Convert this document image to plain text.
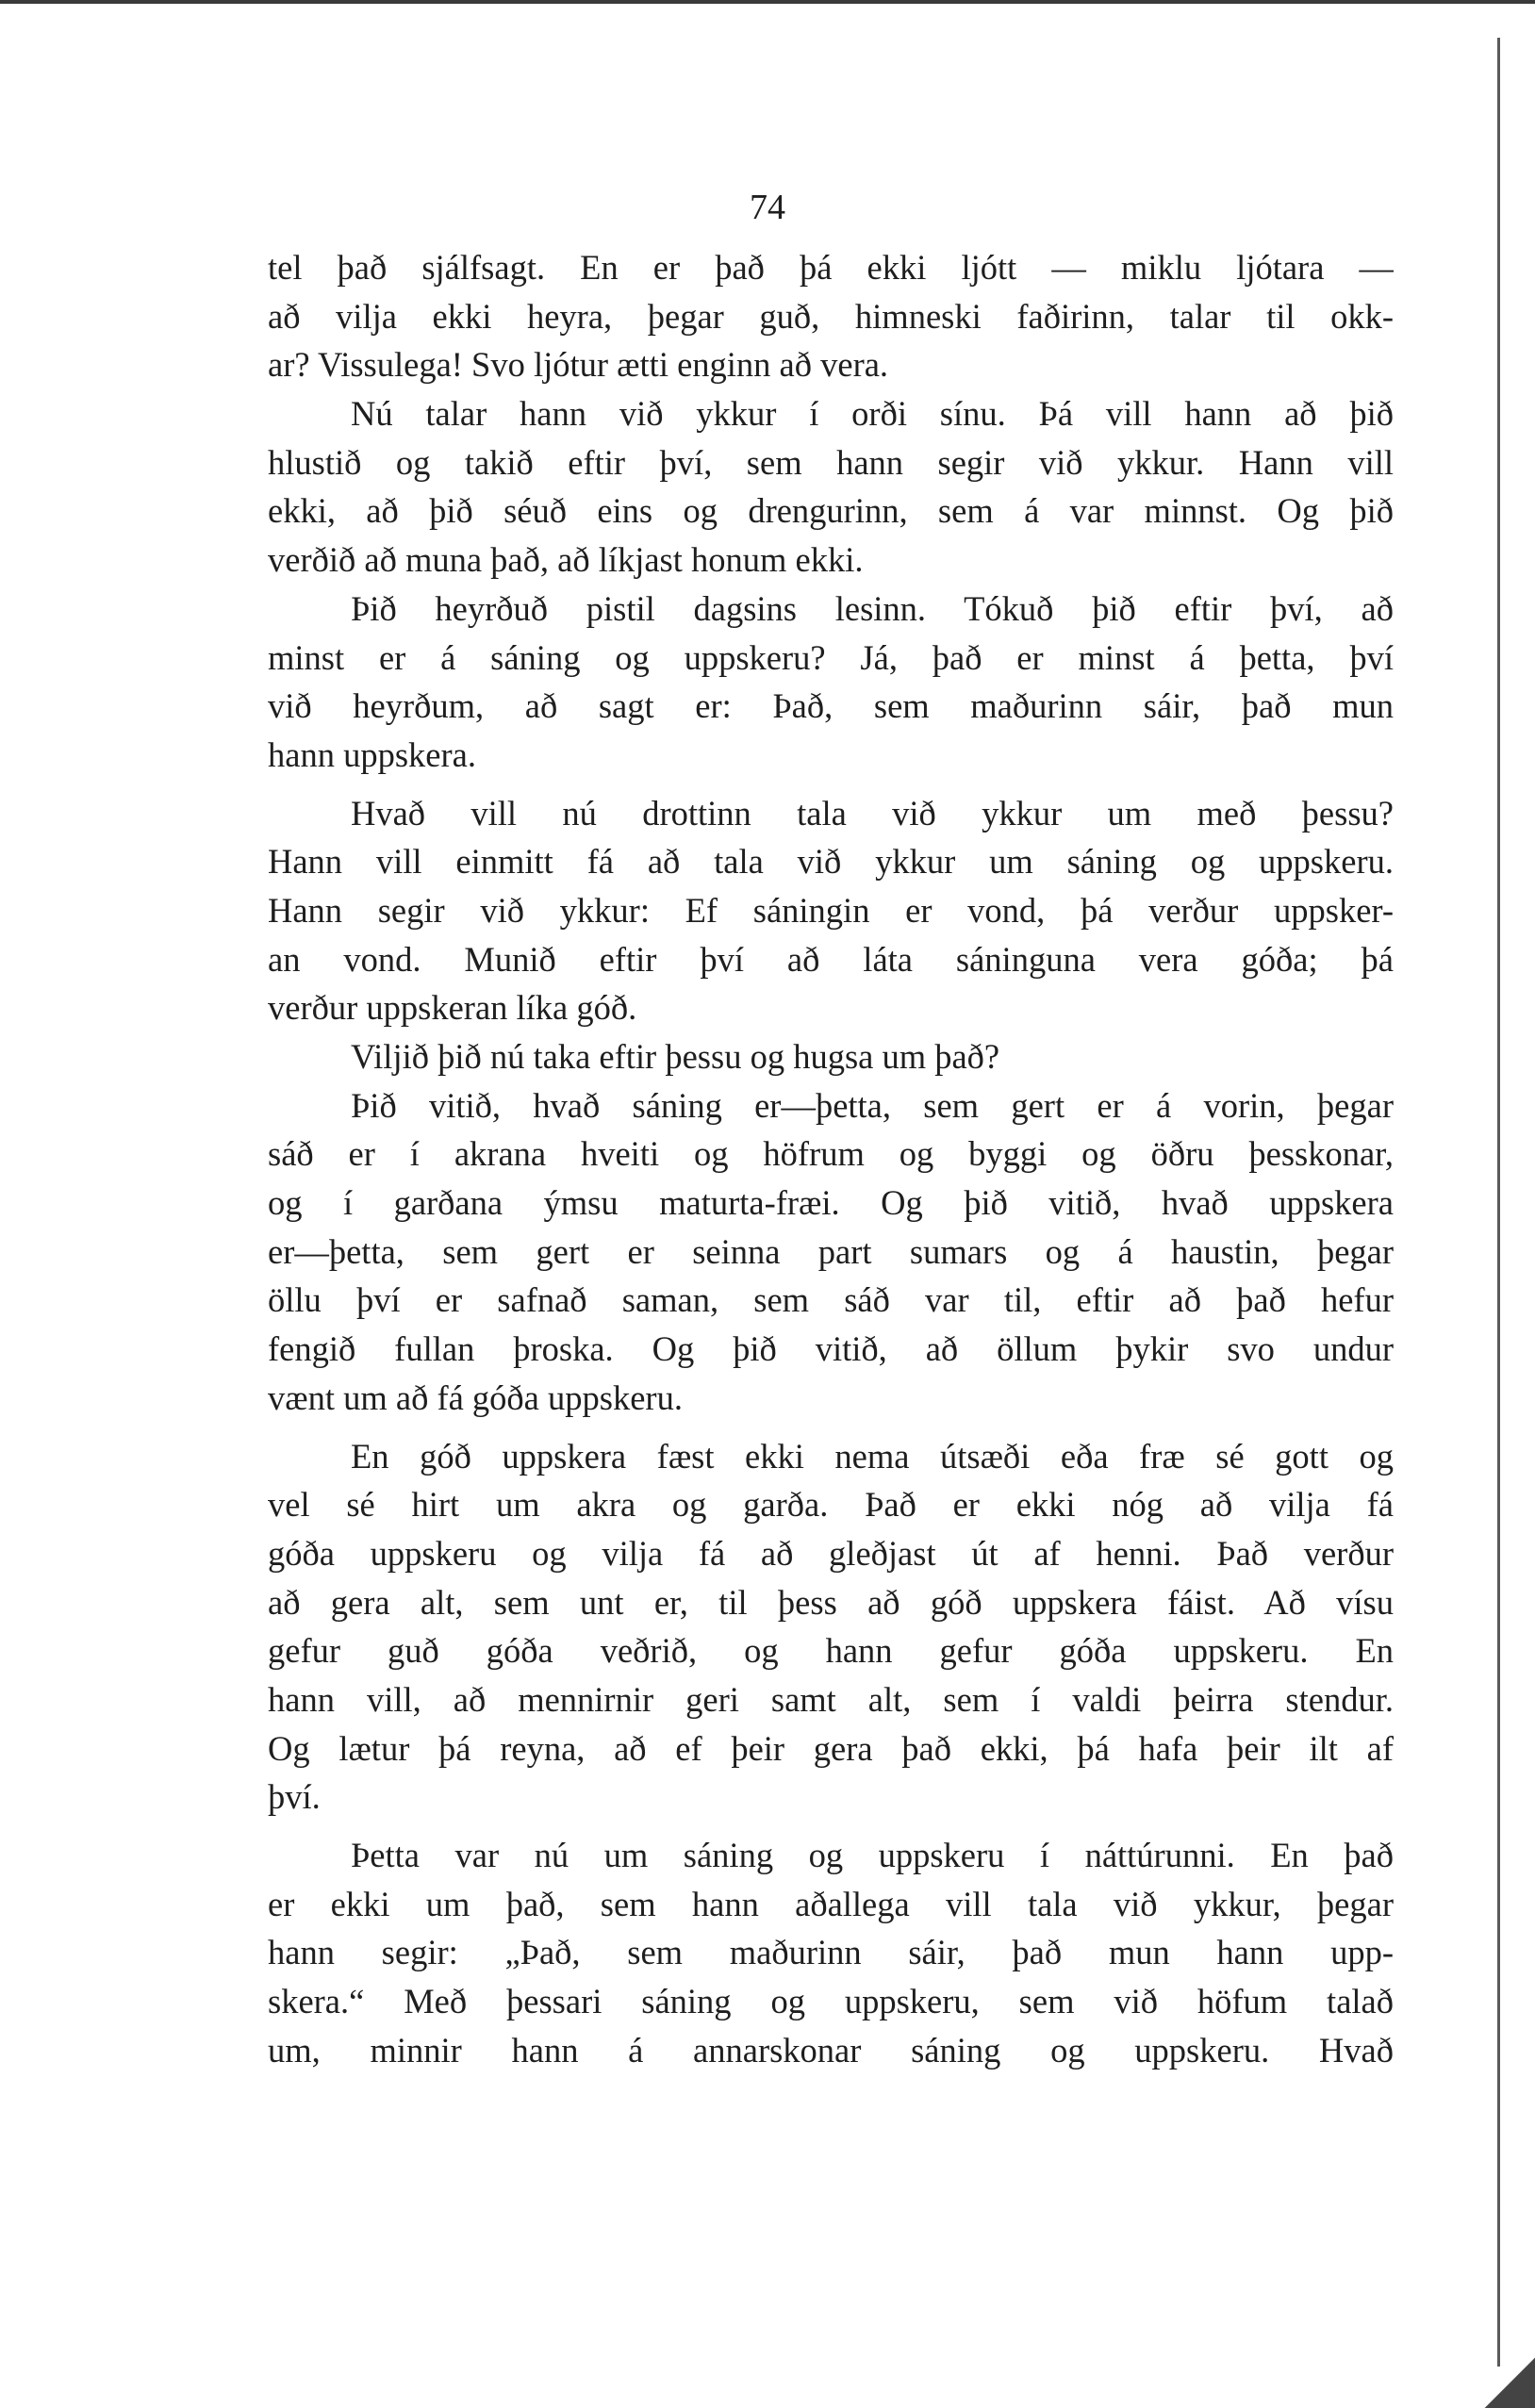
74
tel það sjálfsagt. En er það þá ekki ljótt — miklu ljótara —
að vilja ekki heyra, þegar guð, himneski faðirinn, talar til okk-
ar? Vissulega! Svo ljótur ætti enginn að vera.
Nú talar hann við ykkur í orði sínu. Þá vill hann að þið
hlustið og takið eftir því, sem hann segir við ykkur. Hann vill
ekki, að þið séuð eins og drengurinn, sem á var minnst. Og þið
verðið að muna það, að líkjast honum ekki.
Þið heyrðuð pistil dagsins lesinn. Tókuð þið eftir því, að
minst er á sáning og uppskeru? Já, það er minst á þetta, því
við heyrðum, að sagt er: Það, sem maðurinn sáir, það mun
hann uppskera.
Hvað vill nú drottinn tala við ykkur um með þessu?
Hann vill einmitt fá að tala við ykkur um sáning og uppskeru.
Hann segir við ykkur: Ef sáningin er vond, þá verður uppsker-
an vond. Munið eftir því að láta sáninguna vera góða; þá
verður uppskeran líka góð.
Viljið þið nú taka eftir þessu og hugsa um það?
Þið vitið, hvað sáning er—þetta, sem gert er á vorin, þegar
sáð er í akrana hveiti og höfrum og byggi og öðru þesskonar,
og í garðana ýmsu maturta-fræi. Og þið vitið, hvað uppskera
er—þetta, sem gert er seinna part sumars og á haustin, þegar
öllu því er safnað saman, sem sáð var til, eftir að það hefur
fengið fullan þroska. Og þið vitið, að öllum þykir svo undur
vænt um að fá góða uppskeru.
En góð uppskera fæst ekki nema útsæði eða fræ sé gott og
vel sé hirt um akra og garða. Það er ekki nóg að vilja fá
góða uppskeru og vilja fá að gleðjast út af henni. Það verður
að gera alt, sem unt er, til þess að góð uppskera fáist. Að vísu
gefur guð góða veðrið, og hann gefur góða uppskeru. En
hann vill, að mennirnir geri samt alt, sem í valdi þeirra stendur.
Og lætur þá reyna, að ef þeir gera það ekki, þá hafa þeir ilt af
því.
Þetta var nú um sáning og uppskeru í náttúrunni. En það
er ekki um það, sem hann aðallega vill tala við ykkur, þegar
hann segir: „Það, sem maðurinn sáir, það mun hann upp-
skera.“ Með þessari sáning og uppskeru, sem við höfum talað
um, minnir hann á annarskonar sáning og uppskeru. Hvað
